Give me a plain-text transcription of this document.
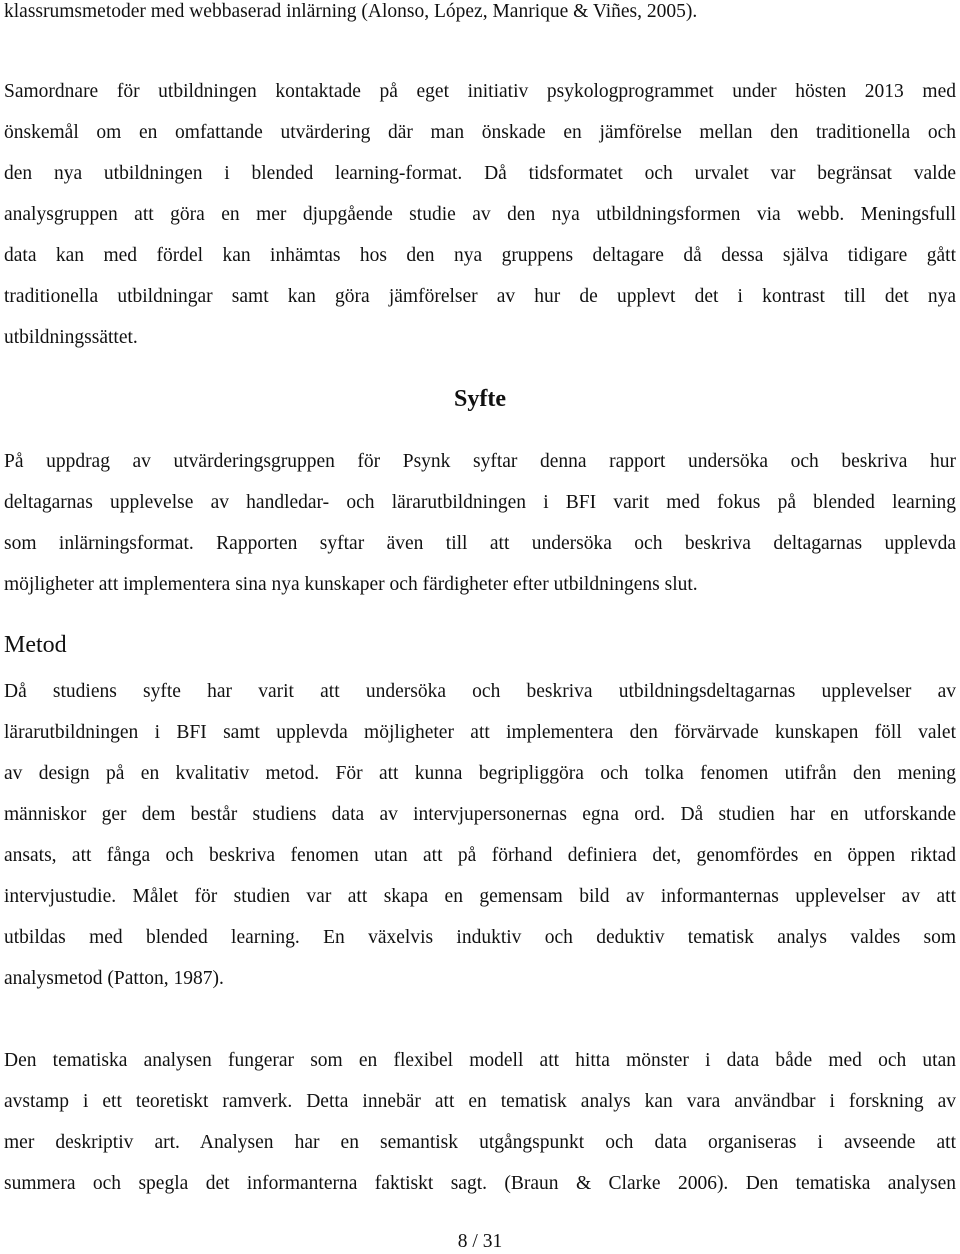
klassrumsmetoder med webbaserad inlärning (Alonso, López, Manrique & Viñes, 2005).
Samordnare för utbildningen kontaktade på eget initiativ psykologprogrammet under hösten 2013 med
önskemål om en omfattande utvärdering där man önskade en jämförelse mellan den traditionella och
den nya utbildningen i blended learning-format. Då tidsformatet och urvalet var begränsat valde
analysgruppen att göra en mer djupgående studie av den nya utbildningsformen via webb. Meningsfull
data kan med fördel kan inhämtas hos den nya gruppens deltagare då dessa själva tidigare gått
traditionella utbildningar samt kan göra jämförelser av hur de upplevt det i kontrast till det nya
utbildningssättet.
Syfte
På uppdrag av utvärderingsgruppen för Psynk syftar denna rapport undersöka och beskriva hur
deltagarnas upplevelse av handledar- och lärarutbildningen i BFI varit med fokus på blended learning
som inlärningsformat. Rapporten syftar även till att undersöka och beskriva deltagarnas upplevda
möjligheter att implementera sina nya kunskaper och färdigheter efter utbildningens slut.
Metod
Då studiens syfte har varit att undersöka och beskriva utbildningsdeltagarnas upplevelser av
lärarutbildningen i BFI samt upplevda möjligheter att implementera den förvärvade kunskapen föll valet
av design på en kvalitativ metod. För att kunna begripliggöra och tolka fenomen utifrån den mening
människor ger dem består studiens data av intervjupersonernas egna ord. Då studien har en utforskande
ansats, att fånga och beskriva fenomen utan att på förhand definiera det, genomfördes en öppen riktad
intervjustudie. Målet för studien var att skapa en gemensam bild av informanternas upplevelser av att
utbildas med blended learning. En växelvis induktiv och deduktiv tematisk analys valdes som
analysmetod (Patton, 1987).
Den tematiska analysen fungerar som en flexibel modell att hitta mönster i data både med och utan
avstamp i ett teoretiskt ramverk. Detta innebär att en tematisk analys kan vara användbar i forskning av
mer deskriptiv art. Analysen har en semantisk utgångspunkt och data organiseras i avseende att
summera och spegla det informanterna faktiskt sagt. (Braun & Clarke 2006). Den tematiska analysen
8 / 31
